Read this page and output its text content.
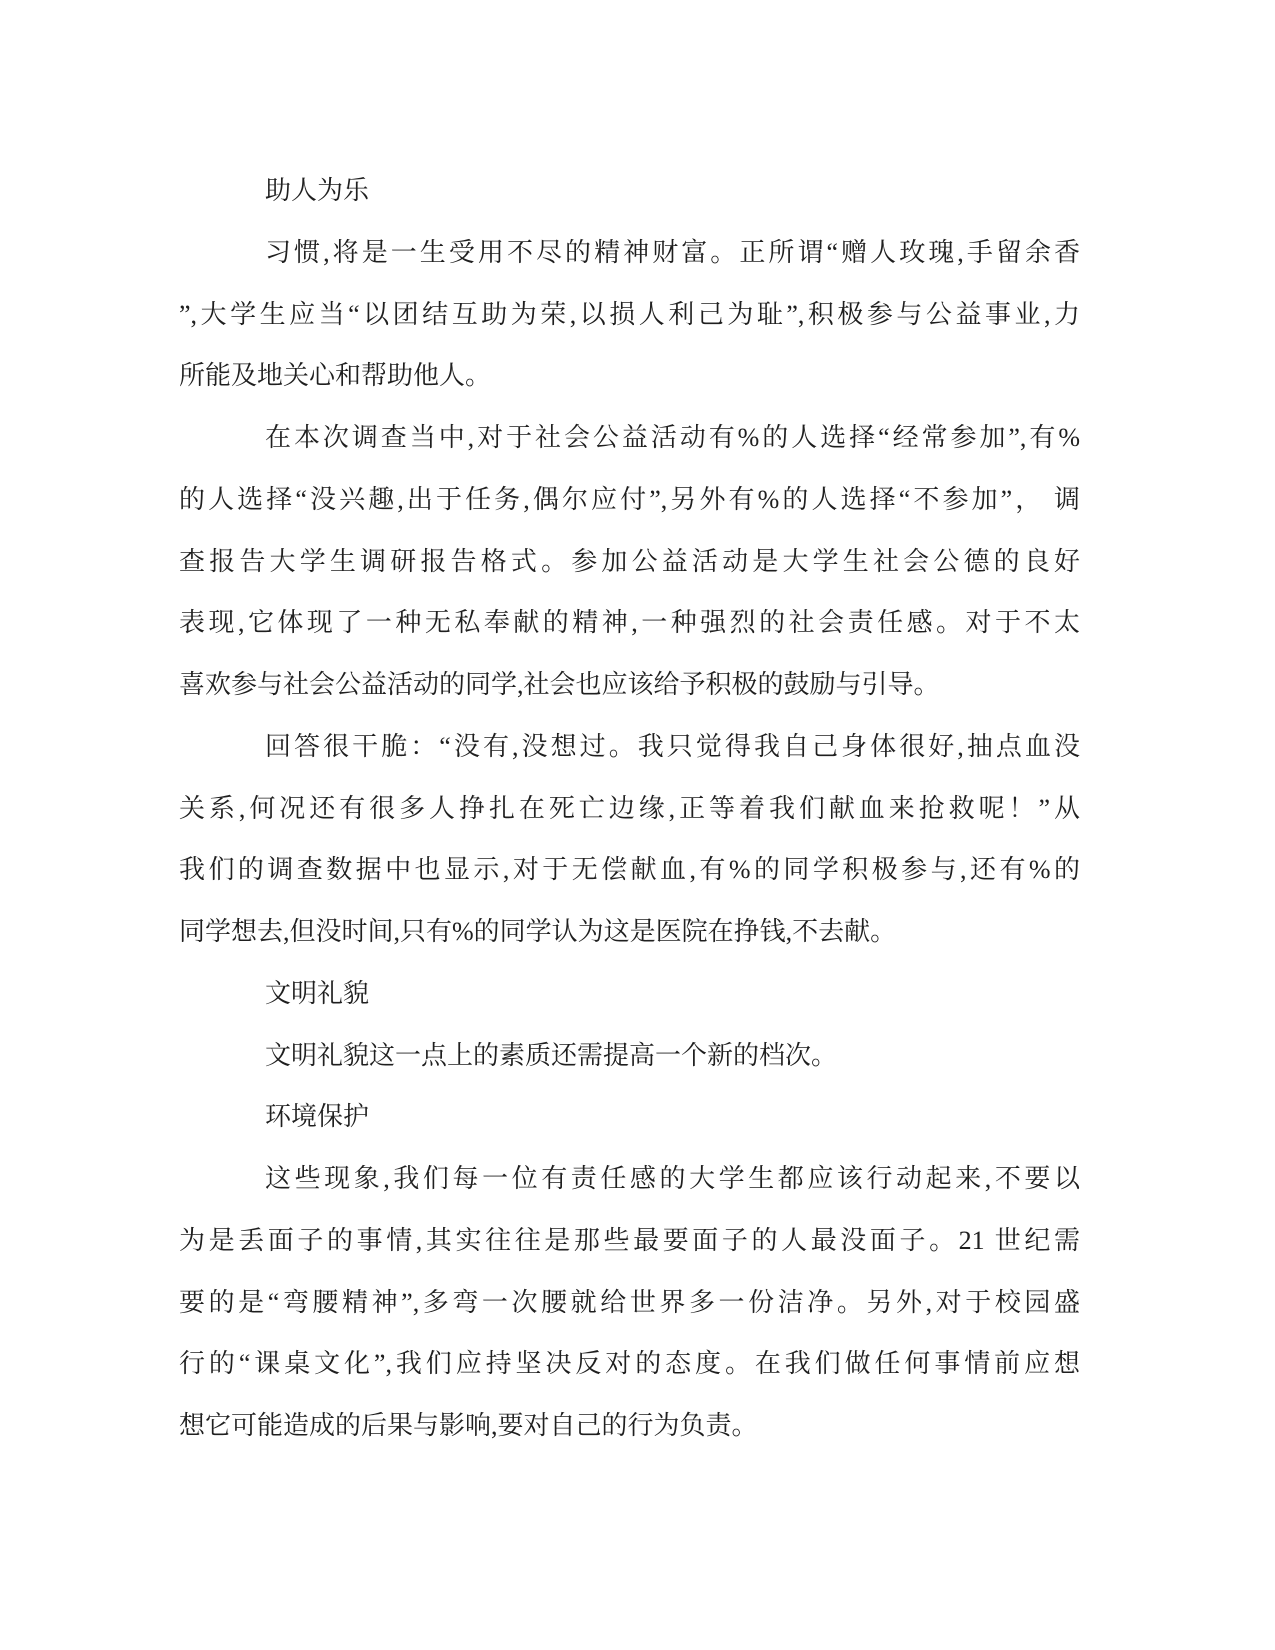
助人为乐
习惯,将是一生受用不尽的精神财富。正所谓“赠人玫瑰,手留余香
”,大学生应当“以团结互助为荣,以损人利己为耻”,积极参与公益事业,力
所能及地关心和帮助他人。
在本次调查当中,对于社会公益活动有%的人选择“经常参加”,有%
的人选择“没兴趣,出于任务,偶尔应付”,另外有%的人选择“不参加”， 调
查报告大学生调研报告格式。参加公益活动是大学生社会公德的良好
表现,它体现了一种无私奉献的精神,一种强烈的社会责任感。对于不太
喜欢参与社会公益活动的同学,社会也应该给予积极的鼓励与引导。
回答很干脆：“没有,没想过。我只觉得我自己身体很好,抽点血没
关系,何况还有很多人挣扎在死亡边缘,正等着我们献血来抢救呢！”从
我们的调查数据中也显示,对于无偿献血,有%的同学积极参与,还有%的
同学想去,但没时间,只有%的同学认为这是医院在挣钱,不去献。
文明礼貌
文明礼貌这一点上的素质还需提高一个新的档次。
环境保护
这些现象,我们每一位有责任感的大学生都应该行动起来,不要以
为是丢面子的事情,其实往往是那些最要面子的人最没面子。21 世纪需
要的是“弯腰精神”,多弯一次腰就给世界多一份洁净。另外,对于校园盛
行的“课桌文化”,我们应持坚决反对的态度。在我们做任何事情前应想
想它可能造成的后果与影响,要对自己的行为负责。
